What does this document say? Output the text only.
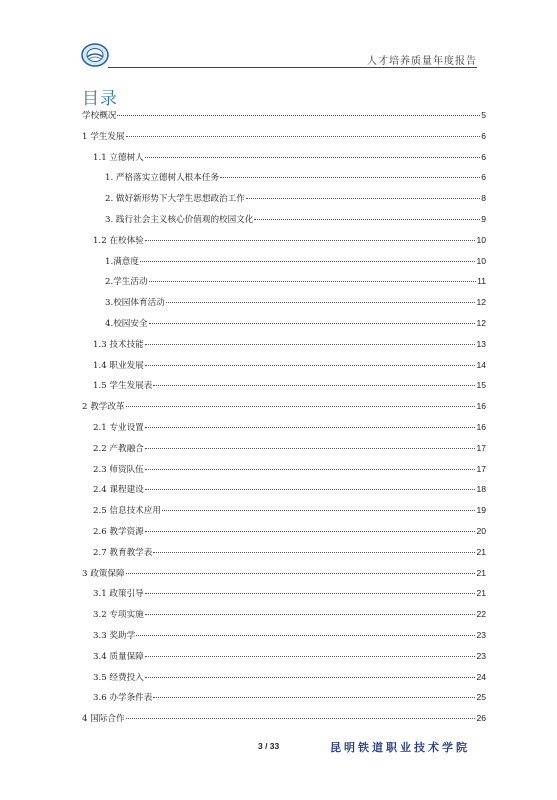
人才培养质量年度报告
目录
学校概况	5
1 学生发展	6
1.1 立德树人	6
1. 严格落实立德树人根本任务	6
2. 做好新形势下大学生思想政治工作	8
3. 践行社会主义核心价值观的校园文化	9
1.2 在校体验	10
1.满意度	10
2.学生活动	11
3.校园体育活动	12
4.校园安全	12
1.3 技术技能	13
1.4 职业发展	14
1.5 学生发展表	15
2 教学改革	16
2.1 专业设置	16
2.2 产教融合	17
2.3 师资队伍	17
2.4 课程建设	18
2.5 信息技术应用	19
2.6 教学资源	20
2.7 教育教学表	21
3 政策保障	21
3.1 政策引导	21
3.2 专项实施	22
3.3 奖助学	23
3.4 质量保障	23
3.5 经费投入	24
3.6 办学条件表	25
4 国际合作	26
3 / 33	昆明铁道职业技术学院
